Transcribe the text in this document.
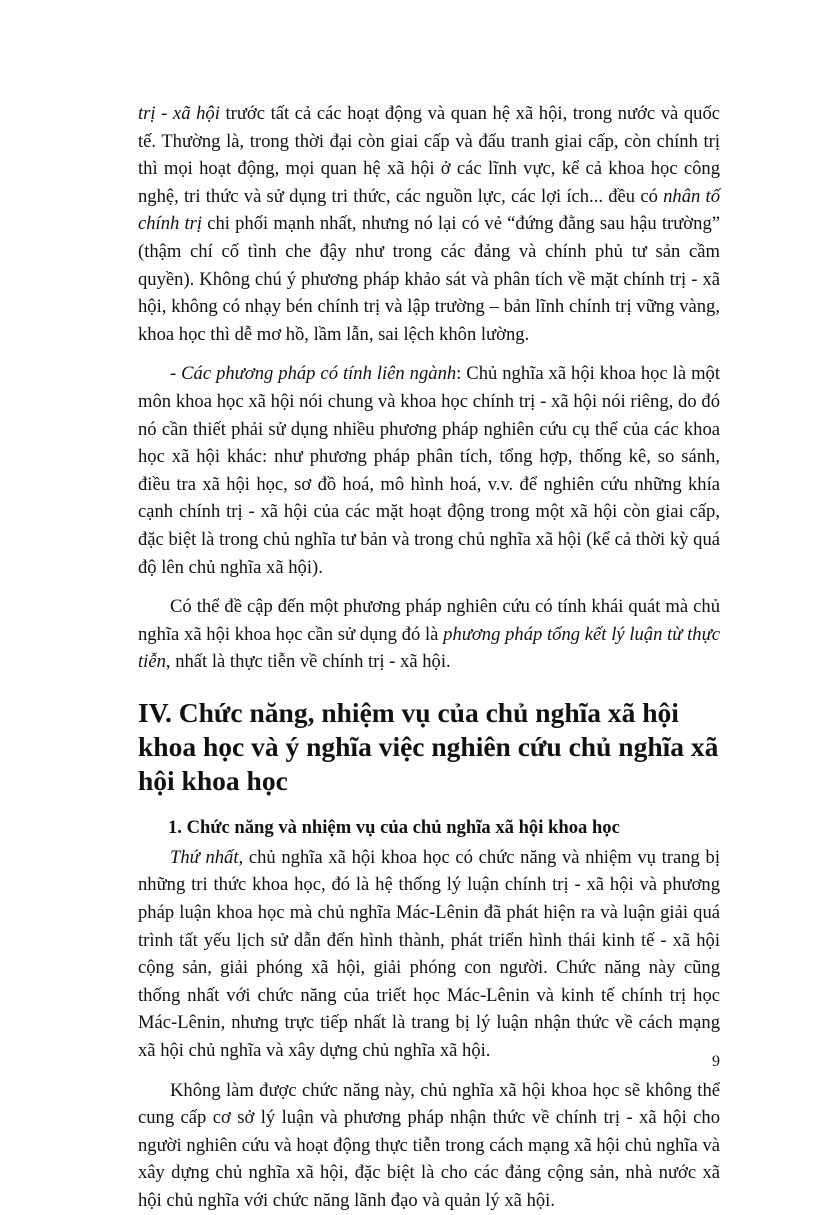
trị - xã hội trước tất cả các hoạt động và quan hệ xã hội, trong nước và quốc tế. Thường là, trong thời đại còn giai cấp và đấu tranh giai cấp, còn chính trị thì mọi hoạt động, mọi quan hệ xã hội ở các lĩnh vực, kể cả khoa học công nghệ, tri thức và sử dụng tri thức, các nguồn lực, các lợi ích... đều có nhân tố chính trị chi phối mạnh nhất, nhưng nó lại có vẻ “đứng đằng sau hậu trường” (thậm chí cố tình che đậy như trong các đảng và chính phủ tư sản cầm quyền). Không chú ý phương pháp khảo sát và phân tích về mặt chính trị - xã hội, không có nhạy bén chính trị và lập trường – bản lĩnh chính trị vững vàng, khoa học thì dễ mơ hồ, lầm lẫn, sai lệch khôn lường.

- Các phương pháp có tính liên ngành: Chủ nghĩa xã hội khoa học là một môn khoa học xã hội nói chung và khoa học chính trị - xã hội nói riêng, do đó nó cần thiết phải sử dụng nhiều phương pháp nghiên cứu cụ thể của các khoa học xã hội khác: như phương pháp phân tích, tổng hợp, thống kê, so sánh, điều tra xã hội học, sơ đồ hoá, mô hình hoá, v.v. để nghiên cứu những khía cạnh chính trị - xã hội của các mặt hoạt động trong một xã hội còn giai cấp, đặc biệt là trong chủ nghĩa tư bản và trong chủ nghĩa xã hội (kể cả thời kỳ quá độ lên chủ nghĩa xã hội).

Có thể đề cập đến một phương pháp nghiên cứu có tính khái quát mà chủ nghĩa xã hội khoa học cần sử dụng đó là phương pháp tổng kết lý luận từ thực tiễn, nhất là thực tiễn về chính trị - xã hội.

IV. Chức năng, nhiệm vụ của chủ nghĩa xã hội khoa học và ý nghĩa việc nghiên cứu chủ nghĩa xã hội khoa học
1. Chức năng và nhiệm vụ của chủ nghĩa xã hội khoa học

Thứ nhất, chủ nghĩa xã hội khoa học có chức năng và nhiệm vụ trang bị những tri thức khoa học, đó là hệ thống lý luận chính trị - xã hội và phương pháp luận khoa học mà chủ nghĩa Mác-Lênin đã phát hiện ra và luận giải quá trình tất yếu lịch sử dẫn đến hình thành, phát triển hình thái kinh tế - xã hội cộng sản, giải phóng xã hội, giải phóng con người. Chức năng này cũng thống nhất với chức năng của triết học Mác-Lênin và kinh tế chính trị học Mác-Lênin, nhưng trực tiếp nhất là trang bị lý luận nhận thức về cách mạng xã hội chủ nghĩa và xây dựng chủ nghĩa xã hội.

Không làm được chức năng này, chủ nghĩa xã hội khoa học sẽ không thể cung cấp cơ sở lý luận và phương pháp nhận thức về chính trị - xã hội cho người nghiên cứu và hoạt động thực tiễn trong cách mạng xã hội chủ nghĩa và xây dựng chủ nghĩa xã hội, đặc biệt là cho các đảng cộng sản, nhà nước xã hội chủ nghĩa với chức năng lãnh đạo và quản lý xã hội.

9
